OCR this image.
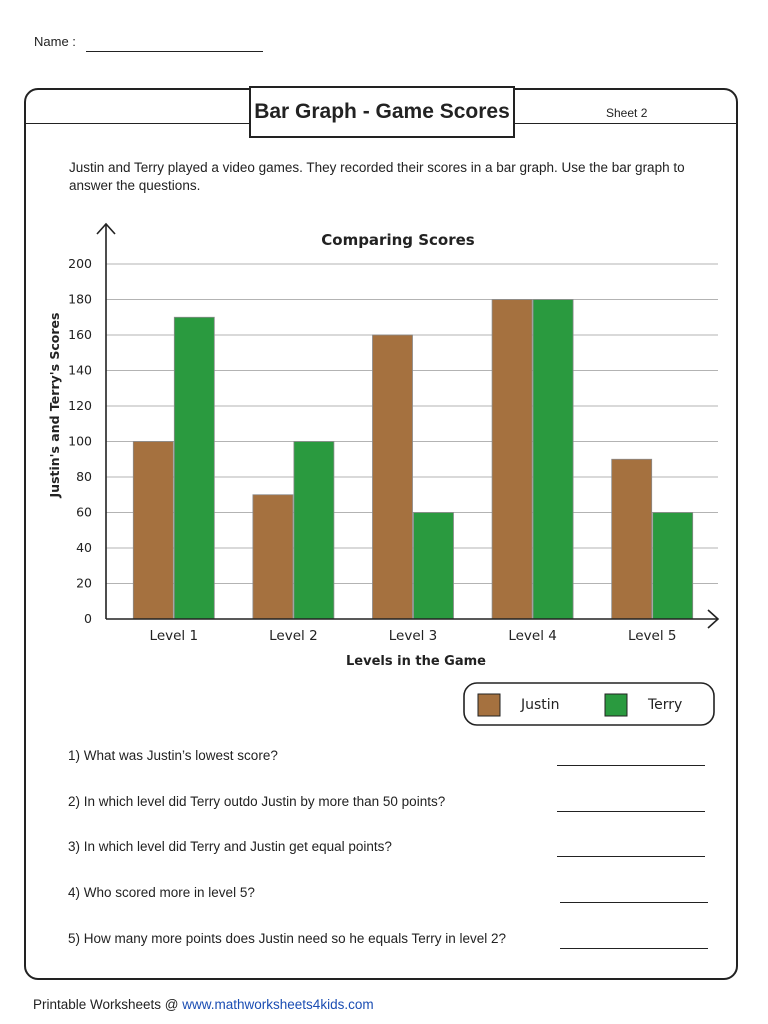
Name :
Bar Graph - Game Scores	Sheet 2
Justin and Terry played a video games. They recorded their scores in a bar graph. Use the bar graph to answer the questions.
Comparing Scores
Justin's and Terry's Scores
Levels in the Game
0
20
40
60
80
100
120
140
160
180
200
Level 1	Level 2	Level 3	Level 4	Level 5
Justin	Terry
1) What was Justin’s lowest score?
2) In which level did Terry outdo Justin by more than 50 points?
3) In which level did Terry and Justin get equal points?
4) Who scored more in level 5?
5) How many more points does Justin need so he equals Terry in level 2?
Printable Worksheets @ www.mathworksheets4kids.com
